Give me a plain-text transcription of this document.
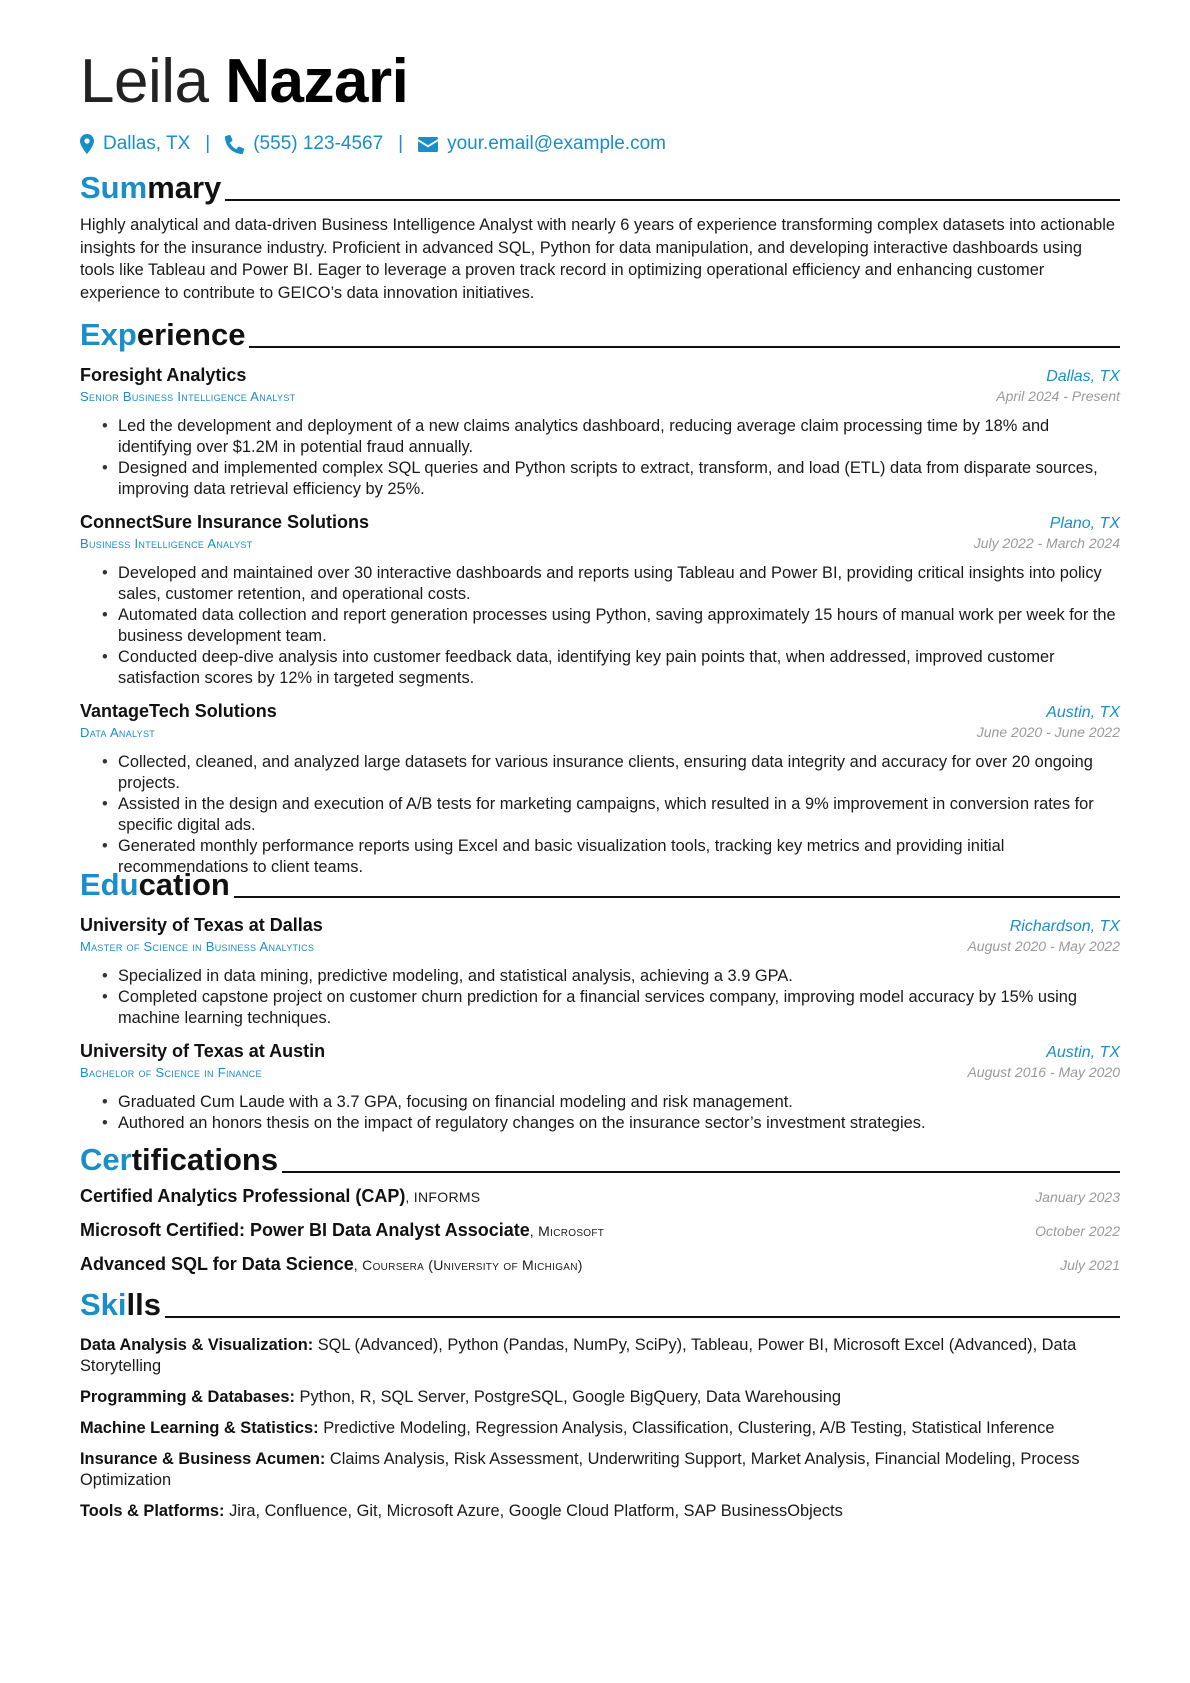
Leila Nazari
Dallas, TX | (555) 123-4567 | your.email@example.com
Sum mary

Highly analytical and data-driven Business Intelligence Analyst with nearly 6 years of experience transforming complex datasets into actionable insights for the insurance industry. Proficient in advanced SQL, Python for data manipulation, and developing interactive dashboards using tools like Tableau and Power BI. Eager to leverage a proven track record in optimizing operational efficiency and enhancing customer experience to contribute to GEICO’s data innovation initiatives.

Exp erience
Foresight Analytics	Dallas, TX
Senior Business Intelligence Analyst	April 2024 - Present
• Led the development and deployment of a new claims analytics dashboard, reducing average claim processing time by 18% and identifying over $1.2M in potential fraud annually.
• Designed and implemented complex SQL queries and Python scripts to extract, transform, and load (ETL) data from disparate sources, improving data retrieval efficiency by 25%.
ConnectSure Insurance Solutions	Plano, TX
Business Intelligence Analyst	July 2022 - March 2024
• Developed and maintained over 30 interactive dashboards and reports using Tableau and Power BI, providing critical insights into policy sales, customer retention, and operational costs.
• Automated data collection and report generation processes using Python, saving approximately 15 hours of manual work per week for the business development team.
• Conducted deep-dive analysis into customer feedback data, identifying key pain points that, when addressed, improved customer satisfaction scores by 12% in targeted segments.
VantageTech Solutions	Austin, TX
Data Analyst	June 2020 - June 2022
• Collected, cleaned, and analyzed large datasets for various insurance clients, ensuring data integrity and accuracy for over 20 ongoing projects.
• Assisted in the design and execution of A/B tests for marketing campaigns, which resulted in a 9% improvement in conversion rates for specific digital ads.
• Generated monthly performance reports using Excel and basic visualization tools, tracking key metrics and providing initial recommendations to client teams.
Edu cation
University of Texas at Dallas	Richardson, TX
Master of Science in Business Analytics	August 2020 - May 2022
• Specialized in data mining, predictive modeling, and statistical analysis, achieving a 3.9 GPA.
• Completed capstone project on customer churn prediction for a financial services company, improving model accuracy by 15% using machine learning techniques.
University of Texas at Austin	Austin, TX
Bachelor of Science in Finance	August 2016 - May 2020
• Graduated Cum Laude with a 3.7 GPA, focusing on financial modeling and risk management.
• Authored an honors thesis on the impact of regulatory changes on the insurance sector’s investment strategies.
Cer tifications
Certified Analytics Professional (CAP), INFORMS	January 2023
Microsoft Certified: Power BI Data Analyst Associate, Microsoft	October 2022
Advanced SQL for Data Science, Coursera (University of Michigan)	July 2021
Ski lls

Data Analysis & Visualization: SQL (Advanced), Python (Pandas, NumPy, SciPy), Tableau, Power BI, Microsoft Excel (Advanced), Data Storytelling

Programming & Databases: Python, R, SQL Server, PostgreSQL, Google BigQuery, Data Warehousing

Machine Learning & Statistics: Predictive Modeling, Regression Analysis, Classification, Clustering, A/B Testing, Statistical Inference

Insurance & Business Acumen: Claims Analysis, Risk Assessment, Underwriting Support, Market Analysis, Financial Modeling, Process Optimization

Tools & Platforms: Jira, Confluence, Git, Microsoft Azure, Google Cloud Platform, SAP BusinessObjects
